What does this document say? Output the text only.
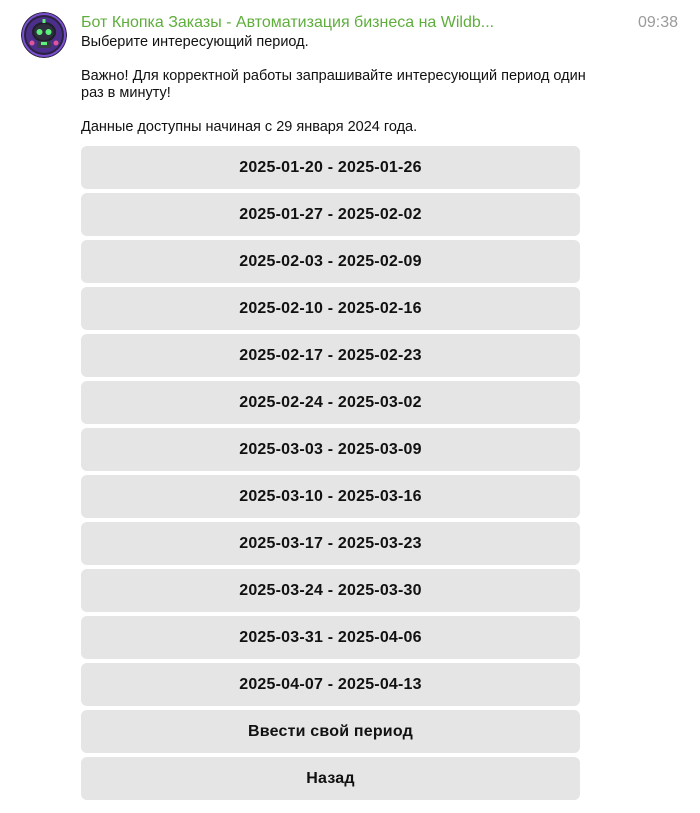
Бот Кнопка Заказы - Автоматизация бизнеса на Wildb...	09:38

Выберите интересующий период.

Важно! Для корректной работы запрашивайте интересующий период один раз в минуту!

Данные доступны начиная с 29 января 2024 года.

2025-01-20 - 2025-01-26
2025-01-27 - 2025-02-02
2025-02-03 - 2025-02-09
2025-02-10 - 2025-02-16
2025-02-17 - 2025-02-23
2025-02-24 - 2025-03-02
2025-03-03 - 2025-03-09
2025-03-10 - 2025-03-16
2025-03-17 - 2025-03-23
2025-03-24 - 2025-03-30
2025-03-31 - 2025-04-06
2025-04-07 - 2025-04-13
Ввести свой период
Назад
